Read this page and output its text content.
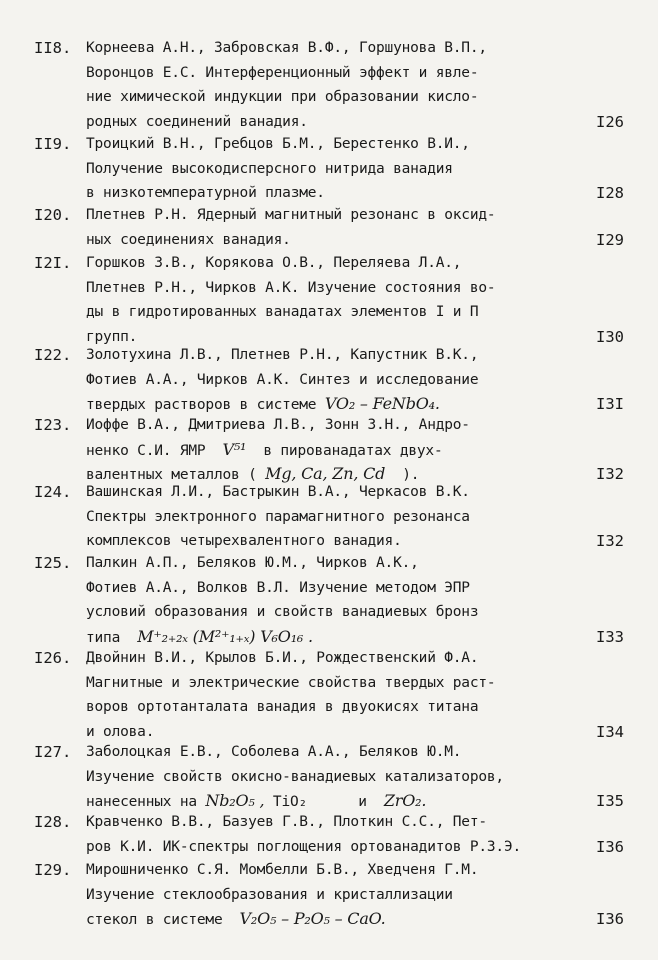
II8.	Корнеева А.Н., Забровская В.Ф., Горшунова В.П.,
Воронцов Е.С. Интерференционный эффект и явле-
ние химической индукции при образовании кисло-
родных соединений ванадия.	I26
II9.	Троицкий В.Н., Гребцов Б.М., Берестенко В.И.,
Получение высокодисперсного нитрида ванадия
в низкотемпературной плазме.	I28
I20.	Плетнев Р.Н. Ядерный магнитный резонанс в оксид-
ных соединениях ванадия.	I29
I2I.	Горшков З.В., Корякова О.В., Переляева Л.А.,
Плетнев Р.Н., Чирков А.К. Изучение состояния во-
ды в гидротированных ванадатах элементов I и П
групп.	I30
I22.	Золотухина Л.В., Плетнев Р.Н., Капустник В.К.,
Фотиев А.А., Чирков А.К. Синтез и исследование
твердых растворов в системе VO₂ – FeNbO₄.	I3I
I23.	Иоффе В.А., Дмитриева Л.В., Зонн З.Н., Андро-
ненко С.И. ЯМР V⁵¹ в пированадатах двух-
валентных металлов ( Mg, Ca, Zn, Cd ).	I32
I24.	Вашинская Л.И., Бастрыкин В.А., Черкасов В.К.
Спектры электронного парамагнитного резонанса
комплексов четырехвалентного ванадия.	I32
I25.	Палкин А.П., Беляков Ю.М., Чирков А.К.,
Фотиев А.А., Волков В.Л. Изучение методом ЭПР
условий образования и свойств ванадиевых бронз
типа M⁺₂₊₂ₓ (M²⁺₁₊ₓ) V₆O₁₆ .	I33
I26.	Двойнин В.И., Крылов Б.И., Рождественский Ф.А.
Магнитные и электрические свойства твердых раст-
воров ортотанталата ванадия в двуокисях титана
и олова.	I34
I27.	Заболоцкая Е.В., Соболева А.А., Беляков Ю.М.
Изучение свойств окисно-ванадиевых катализаторов,
нанесенных на Nb₂O₅ , TiO₂	и ZrO₂.	I35
I28.	Кравченко В.В., Базуев Г.В., Плоткин С.С., Пет-
ров К.И. ИК-спектры поглощения ортованадитов Р.З.Э.	I36
I29.	Мирошниченко С.Я. Момбелли Б.В., Хведченя Г.М.
Изучение стеклообразования и кристаллизации
стекол в системе V₂O₅ – P₂O₅ – CaO.	I36
